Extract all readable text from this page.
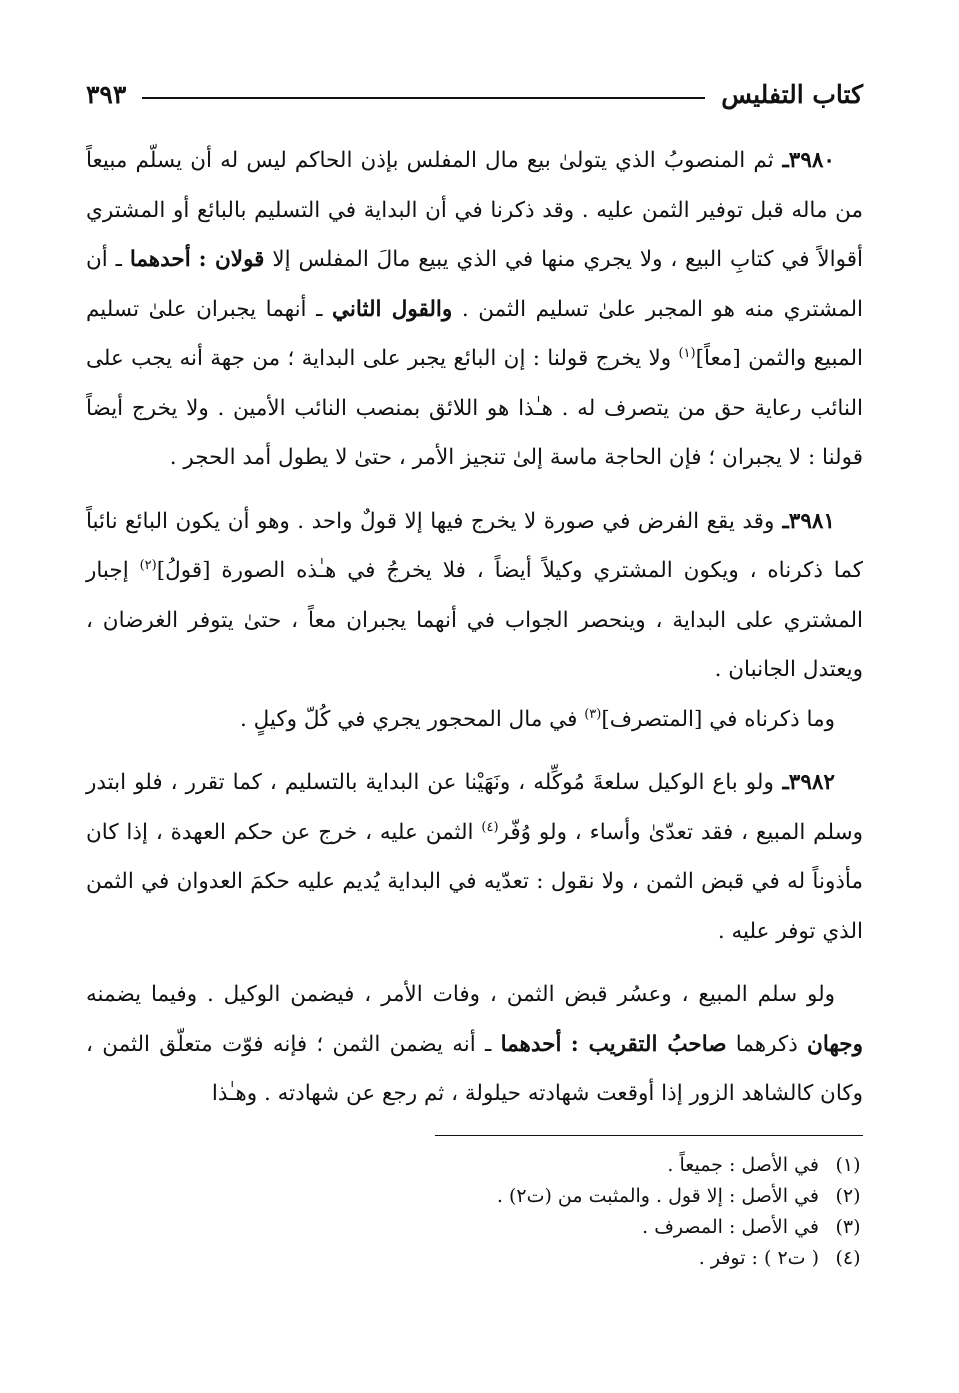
كتاب التفليس
٣٩٣

٣٩٨٠ـ ثم المنصوبُ الذي يتولىٰ بيع مال المفلس بإذن الحاكم ليس له أن يسلّم مبيعاً من ماله قبل توفير الثمن عليه . وقد ذكرنا في أن البداية في التسليم بالبائع أو المشتري أقوالاً في كتابِ البيع ، ولا يجري منها في الذي يبيع مالَ المفلس إلا قولان : أحدهما ـ أن المشتري منه هو المجبر علىٰ تسليم الثمن . والقول الثاني ـ أنهما يجبران علىٰ تسليم المبيع والثمن [معاً]$^{(١)}$ ولا يخرج قولنا : إن البائع يجبر على البداية ؛ من جهة أنه يجب على النائب رعاية حق من يتصرف له . هـٰذا هو اللائق بمنصب النائب الأمين . ولا يخرج أيضاً قولنا : لا يجبران ؛ فإن الحاجة ماسة إلىٰ تنجيز الأمر ، حتىٰ لا يطول أمد الحجر .

٣٩٨١ـ وقد يقع الفرض في صورة لا يخرج فيها إلا قولٌ واحد . وهو أن يكون البائع نائباً كما ذكرناه ، ويكون المشتري وكيلاً أيضاً ، فلا يخرجُ في هـٰذه الصورة [قولُ]$^{(٢)}$ إجبار المشتري على البداية ، وينحصر الجواب في أنهما يجبران معاً ، حتىٰ يتوفر الغرضان ، ويعتدل الجانبان .

وما ذكرناه في [المتصرف]$^{(٣)}$ في مال المحجور يجري في كُلّ وكيلٍ .

٣٩٨٢ـ ولو باع الوكيل سلعةَ مُوكِّله ، ونَهَيْنا عن البداية بالتسليم ، كما تقرر ، فلو ابتدر وسلم المبيع ، فقد تعدّىٰ وأساء ، ولو وُفّر$^{(٤)}$ الثمن عليه ، خرج عن حكم العهدة ، إذا كان مأذوناً له في قبض الثمن ، ولا نقول : تعدّيه في البداية يُديم عليه حكمَ العدوان في الثمن الذي توفر عليه .

ولو سلم المبيع ، وعسُر قبض الثمن ، وفات الأمر ، فيضمن الوكيل . وفيما يضمنه وجهان ذكرهما صاحبُ التقريب : أحدهما ـ أنه يضمن الثمن ؛ فإنه فوّت متعلّق الثمن ، وكان كالشاهد الزور إذا أوقعت شهادته حيلولة ، ثم رجع عن شهادته . وهـٰذا

(١)
في الأصل : جميعاً .
(٢)
في الأصل : إلا قول . والمثبت من (ت٢) .
(٣)
في الأصل : المصرف .
(٤)
( ت٢ ) : توفر .
